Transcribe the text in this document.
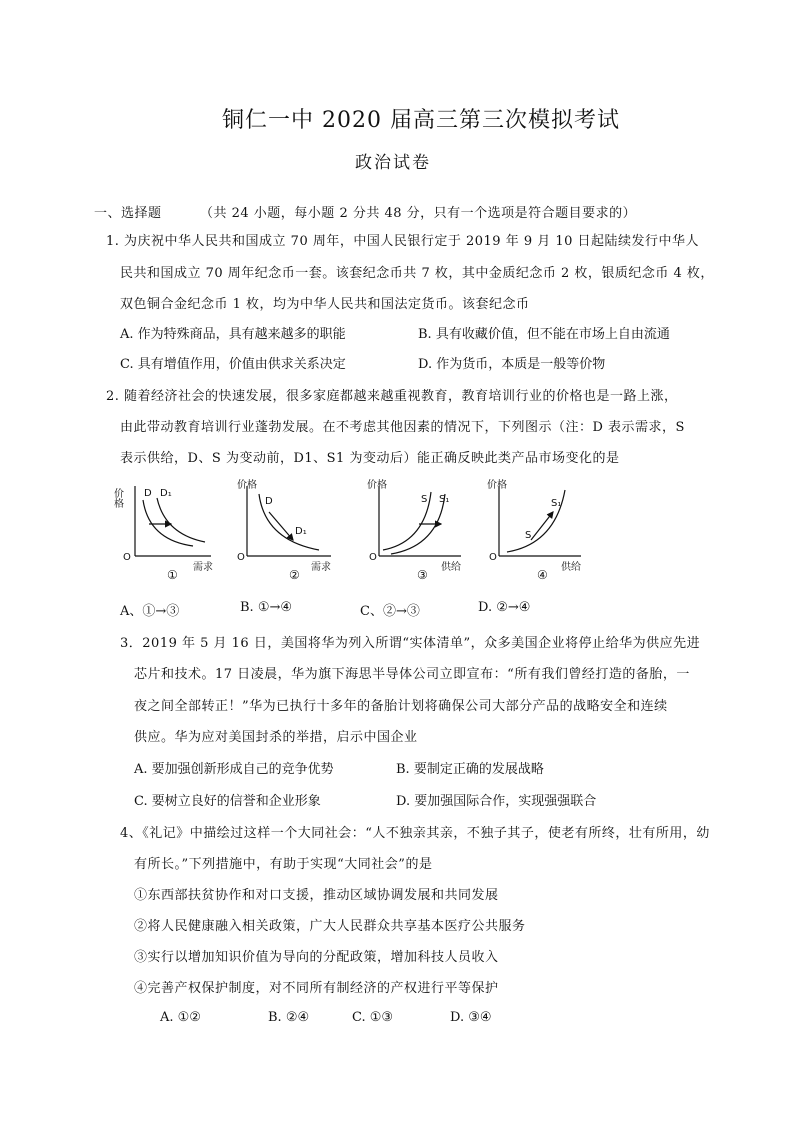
铜仁一中 2020 届高三第三次模拟考试
政治试卷
一、选择题	（共 24 小题，每小题 2 分共 48 分，只有一个选项是符合题目要求的）
1. 为庆祝中华人民共和国成立 70 周年，中国人民银行定于 2019 年 9 月 10 日起陆续发行中华人
民共和国成立 70 周年纪念币一套。该套纪念币共 7 枚，其中金质纪念币 2 枚，银质纪念币 4 枚，
双色铜合金纪念币 1 枚，均为中华人民共和国法定货币。该套纪念币
A. 作为特殊商品，具有越来越多的职能	B. 具有收藏价值，但不能在市场上自由流通
C. 具有增值作用，价值由供求关系决定	D. 作为货币，本质是一般等价物
2. 随着经济社会的快速发展，很多家庭都越来越重视教育，教育培训行业的价格也是一路上涨，
由此带动教育培训行业蓬勃发展。在不考虑其他因素的情况下，下列图示（注：D 表示需求，S
表示供给，D、S 为变动前，D1、S1 为变动后）能正确反映此类产品市场变化的是
价格
O
需求
D D₁
①
价格
O
需求
D
D₁
②
价格
O
供给
S S₁
③
价格
O
供给
S
S₁
④
A、①→③	B. ①→④	C、②→③	D. ②→④
3．2019 年 5 月 16 日，美国将华为列入所谓“实体清单”，众多美国企业将停止给华为供应先进
芯片和技术。17 日凌晨，华为旗下海思半导体公司立即宣布：“所有我们曾经打造的备胎，一
夜之间全部转正！”华为已执行十多年的备胎计划将确保公司大部分产品的战略安全和连续
供应。华为应对美国封杀的举措，启示中国企业
A. 要加强创新形成自己的竞争优势	B. 要制定正确的发展战略
C. 要树立良好的信誉和企业形象	D. 要加强国际合作，实现强强联合
4、《礼记》中描绘过这样一个大同社会：“人不独亲其亲，不独子其子，使老有所终，壮有所用，幼
有所长。”下列措施中，有助于实现“大同社会”的是
①东西部扶贫协作和对口支援，推动区域协调发展和共同发展
②将人民健康融入相关政策，广大人民群众共享基本医疗公共服务
③实行以增加知识价值为导向的分配政策，增加科技人员收入
④完善产权保护制度，对不同所有制经济的产权进行平等保护
A. ①②	B. ②④	C. ①③	D. ③④
